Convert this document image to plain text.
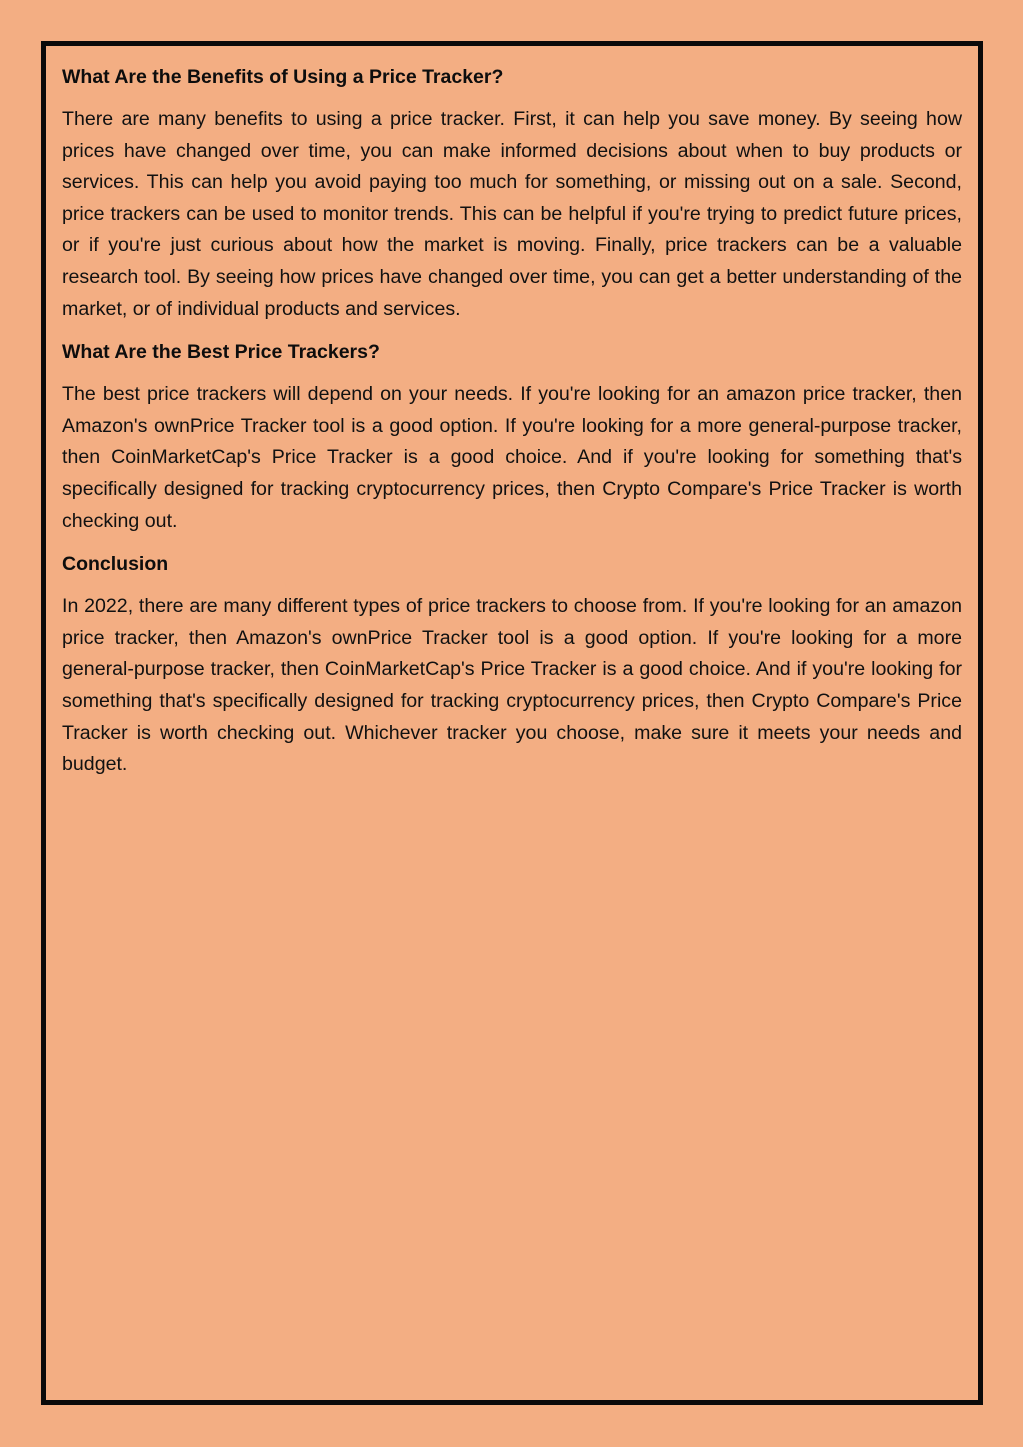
What Are the Benefits of Using a Price Tracker?

There are many benefits to using a price tracker. First, it can help you save money. By seeing how prices have changed over time, you can make informed decisions about when to buy products or services. This can help you avoid paying too much for something, or missing out on a sale. Second, price trackers can be used to monitor trends. This can be helpful if you're trying to predict future prices, or if you're just curious about how the market is moving. Finally, price trackers can be a valuable research tool. By seeing how prices have changed over time, you can get a better understanding of the market, or of individual products and services.

What Are the Best Price Trackers?

The best price trackers will depend on your needs. If you're looking for an amazon price tracker, then Amazon's ownPrice Tracker tool is a good option. If you're looking for a more general-purpose tracker, then CoinMarketCap's Price Tracker is a good choice. And if you're looking for something that's specifically designed for tracking cryptocurrency prices, then Crypto Compare's Price Tracker is worth checking out.

Conclusion

In 2022, there are many different types of price trackers to choose from. If you're looking for an amazon price tracker, then Amazon's ownPrice Tracker tool is a good option. If you're looking for a more general-purpose tracker, then CoinMarketCap's Price Tracker is a good choice. And if you're looking for something that's specifically designed for tracking cryptocurrency prices, then Crypto Compare's Price Tracker is worth checking out. Whichever tracker you choose, make sure it meets your needs and budget.
